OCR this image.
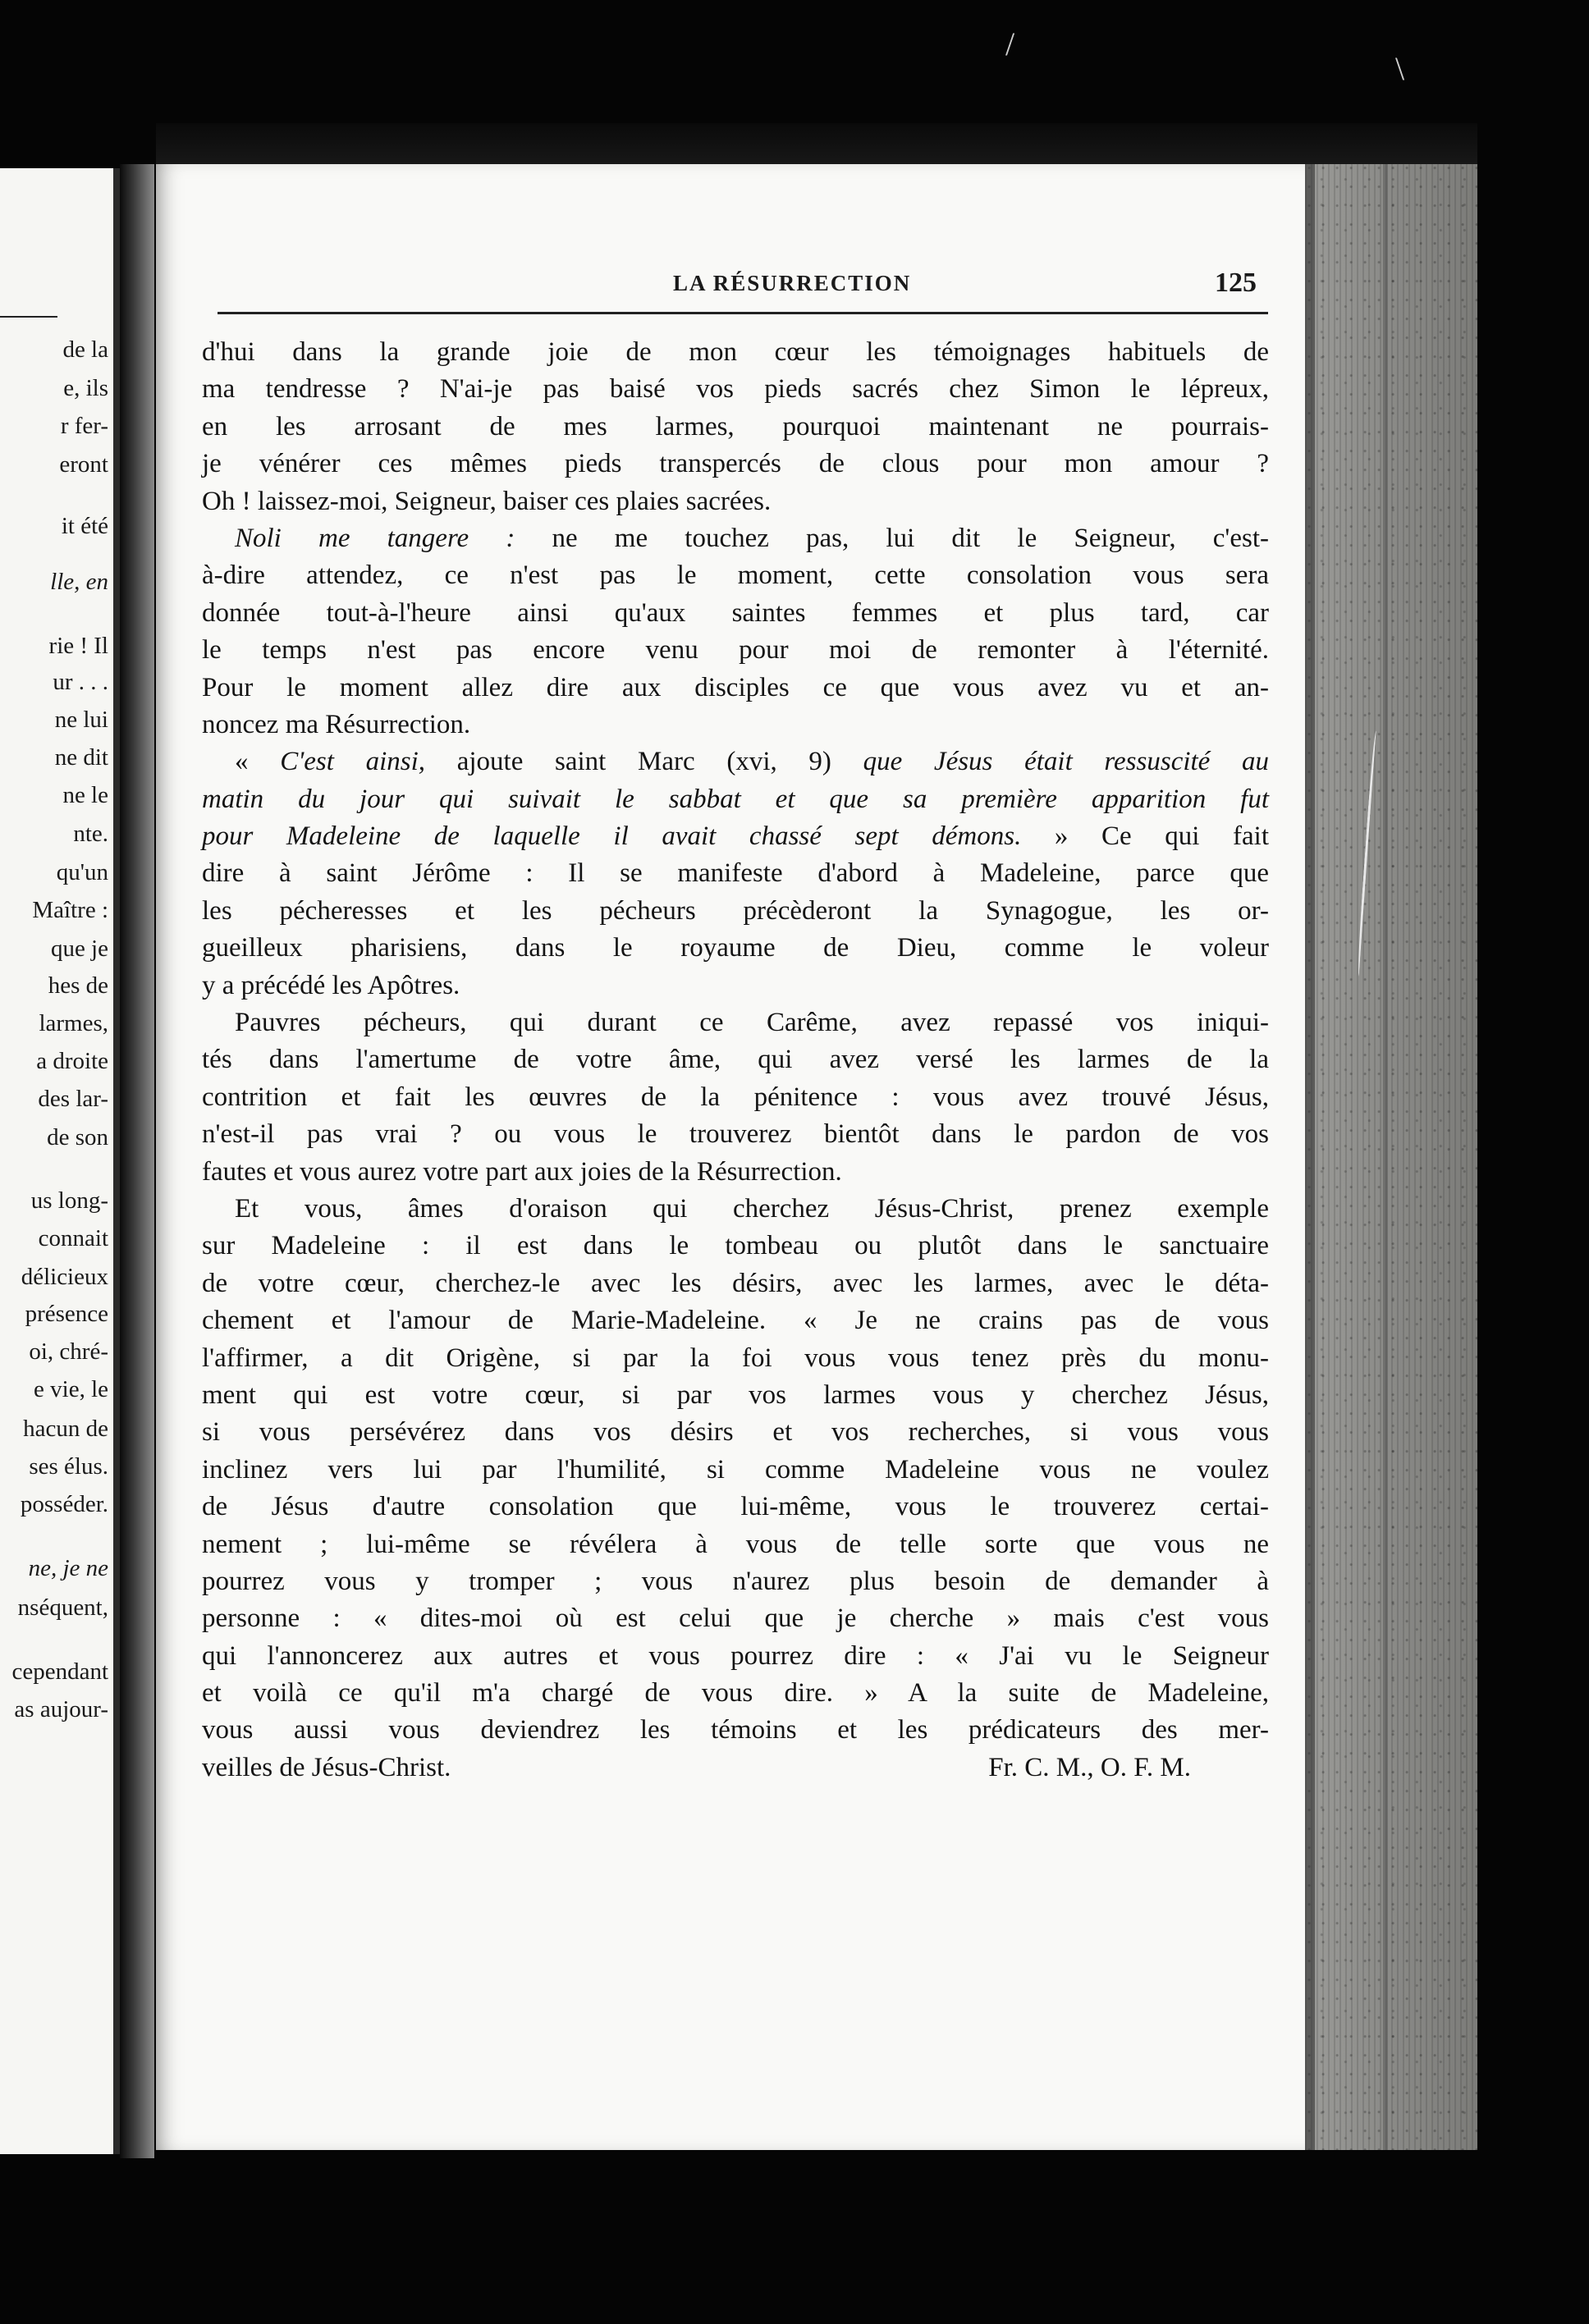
de la
e, ils
r fer-
eront
it été
lle, en
rie ! Il
ur . . .
ne lui
ne dit
ne le
nte.
qu'un
Maître :
que je
hes de
larmes,
a droite
des lar-
de son
us long-
connait
délicieux
présence
oi, chré-
e vie, le
hacun de
ses élus.
posséder.
ne, je ne
nséquent,
cependant
as aujour-
LA RÉSURRECTION	125
d'hui dans la grande joie de mon cœur les témoignages habituels de
ma tendresse ? N'ai-je pas baisé vos pieds sacrés chez Simon le lépreux,
en les arrosant de mes larmes, pourquoi maintenant ne pourrais-
je vénérer ces mêmes pieds transpercés de clous pour mon amour ?
Oh ! laissez-moi, Seigneur, baiser ces plaies sacrées.
Noli me tangere : ne me touchez pas, lui dit le Seigneur, c'est-
à-dire attendez, ce n'est pas le moment, cette consolation vous sera
donnée tout-à-l'heure ainsi qu'aux saintes femmes et plus tard, car
le temps n'est pas encore venu pour moi de remonter à l'éternité.
Pour le moment allez dire aux disciples ce que vous avez vu et an-
noncez ma Résurrection.
« C'est ainsi, ajoute saint Marc (xvi, 9) que Jésus était ressuscité au
matin du jour qui suivait le sabbat et que sa première apparition fut
pour Madeleine de laquelle il avait chassé sept démons. » Ce qui fait
dire à saint Jérôme : Il se manifeste d'abord à Madeleine, parce que
les pécheresses et les pécheurs précèderont la Synagogue, les or-
gueilleux pharisiens, dans le royaume de Dieu, comme le voleur
y a précédé les Apôtres.
Pauvres pécheurs, qui durant ce Carême, avez repassé vos iniqui-
tés dans l'amertume de votre âme, qui avez versé les larmes de la
contrition et fait les œuvres de la pénitence : vous avez trouvé Jésus,
n'est-il pas vrai ? ou vous le trouverez bientôt dans le pardon de vos
fautes et vous aurez votre part aux joies de la Résurrection.
Et vous, âmes d'oraison qui cherchez Jésus-Christ, prenez exemple
sur Madeleine : il est dans le tombeau ou plutôt dans le sanctuaire
de votre cœur, cherchez-le avec les désirs, avec les larmes, avec le déta-
chement et l'amour de Marie-Madeleine. « Je ne crains pas de vous
l'affirmer, a dit Origène, si par la foi vous vous tenez près du monu-
ment qui est votre cœur, si par vos larmes vous y cherchez Jésus,
si vous persévérez dans vos désirs et vos recherches, si vous vous
inclinez vers lui par l'humilité, si comme Madeleine vous ne voulez
de Jésus d'autre consolation que lui-même, vous le trouverez certai-
nement ; lui-même se révélera à vous de telle sorte que vous ne
pourrez vous y tromper ; vous n'aurez plus besoin de demander à
personne : « dites-moi où est celui que je cherche » mais c'est vous
qui l'annoncerez aux autres et vous pourrez dire : « J'ai vu le Seigneur
et voilà ce qu'il m'a chargé de vous dire. » A la suite de Madeleine,
vous aussi vous deviendrez les témoins et les prédicateurs des mer-
veilles de Jésus-Christ.	Fr. C. M., O. F. M.
/
\
